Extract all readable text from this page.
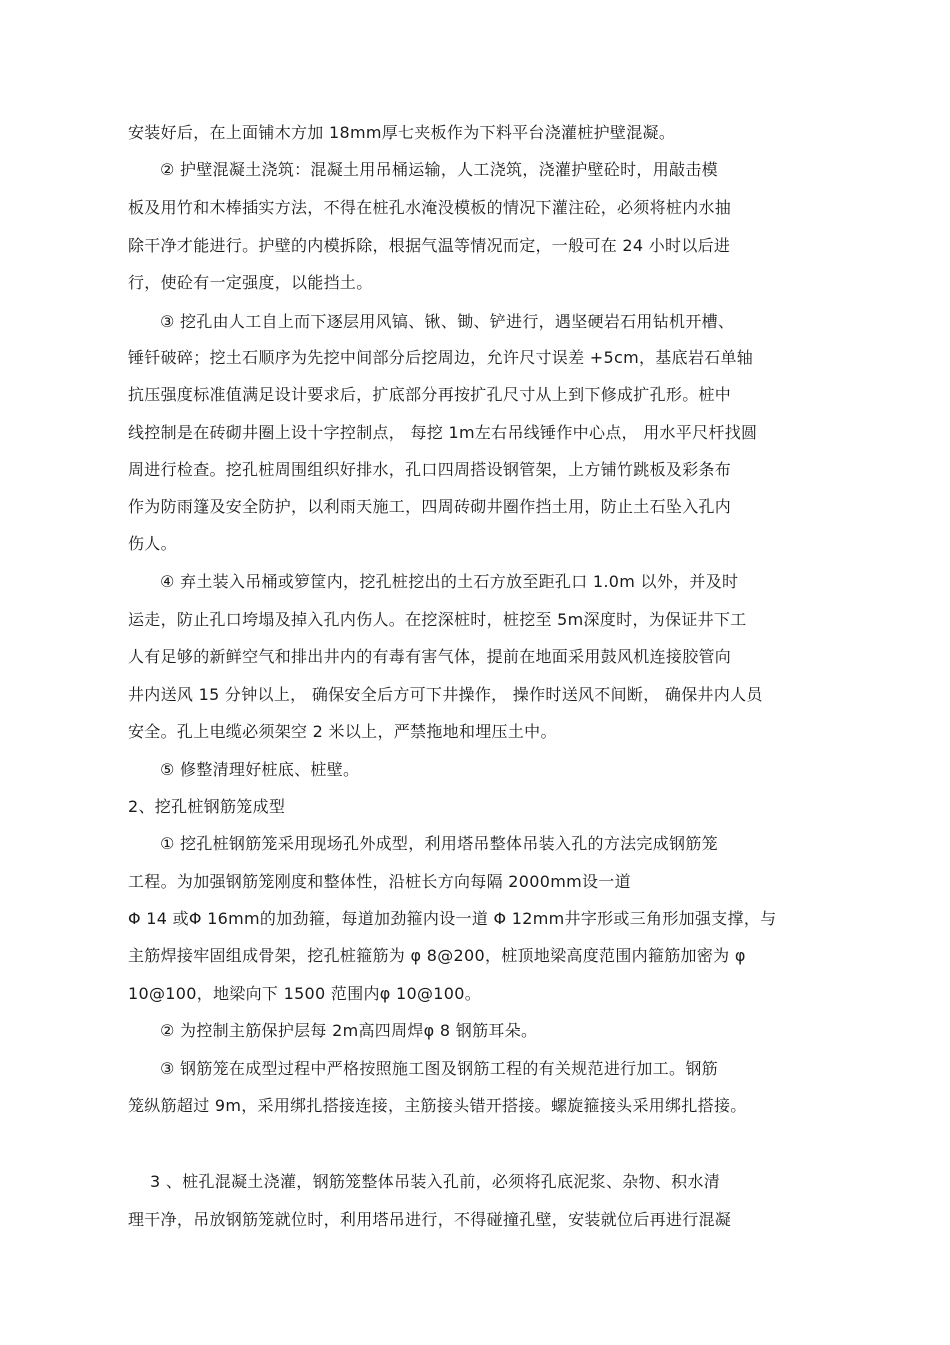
安装好后，在上面铺木方加 18mm厚七夹板作为下料平台浇灌桩护壁混凝。
② 护壁混凝土浇筑：混凝土用吊桶运输，人工浇筑，浇灌护壁砼时，用敲击模
板及用竹和木棒插实方法，不得在桩孔水淹没模板的情况下灌注砼，必须将桩内水抽
除干净才能进行。护壁的内模拆除，根据气温等情况而定，一般可在 24 小时以后进
行，使砼有一定强度，以能挡土。
③ 挖孔由人工自上而下逐层用风镐、锹、锄、铲进行，遇坚硬岩石用钻机开槽、
锤钎破碎；挖土石顺序为先挖中间部分后挖周边，允许尺寸误差 +5cm，基底岩石单轴
抗压强度标准值满足设计要求后，扩底部分再按扩孔尺寸从上到下修成扩孔形。桩中
线控制是在砖砌井圈上设十字控制点， 每挖 1m左右吊线锤作中心点， 用水平尺杆找圆
周进行检查。挖孔桩周围组织好排水，孔口四周搭设钢管架，上方铺竹跳板及彩条布
作为防雨篷及安全防护，以利雨天施工，四周砖砌井圈作挡土用，防止土石坠入孔内
伤人。
④ 弃土装入吊桶或箩筐内，挖孔桩挖出的土石方放至距孔口 1.0m 以外，并及时
运走，防止孔口垮塌及掉入孔内伤人。在挖深桩时，桩挖至 5m深度时，为保证井下工
人有足够的新鲜空气和排出井内的有毒有害气体，提前在地面采用鼓风机连接胶管向
井内送风 15 分钟以上， 确保安全后方可下井操作， 操作时送风不间断， 确保井内人员
安全。孔上电缆必须架空 2 米以上，严禁拖地和埋压土中。
⑤ 修整清理好桩底、桩壁。
2、挖孔桩钢筋笼成型
① 挖孔桩钢筋笼采用现场孔外成型，利用塔吊整体吊装入孔的方法完成钢筋笼
工程。为加强钢筋笼刚度和整体性，沿桩长方向每隔 2000mm设一道
Φ 14 或Φ 16mm的加劲箍，每道加劲箍内设一道 Φ 12mm井字形或三角形加强支撑，与
主筋焊接牢固组成骨架，挖孔桩箍筋为 φ 8@200，桩顶地梁高度范围内箍筋加密为 φ
10@100，地梁向下 1500 范围内φ 10@100。
② 为控制主筋保护层每 2m高四周焊φ 8 钢筋耳朵。
③ 钢筋笼在成型过程中严格按照施工图及钢筋工程的有关规范进行加工。钢筋
笼纵筋超过 9m，采用绑扎搭接连接，主筋接头错开搭接。螺旋箍接头采用绑扎搭接。
3 、桩孔混凝土浇灌，钢筋笼整体吊装入孔前，必须将孔底泥浆、杂物、积水清
理干净，吊放钢筋笼就位时，利用塔吊进行，不得碰撞孔壁，安装就位后再进行混凝
